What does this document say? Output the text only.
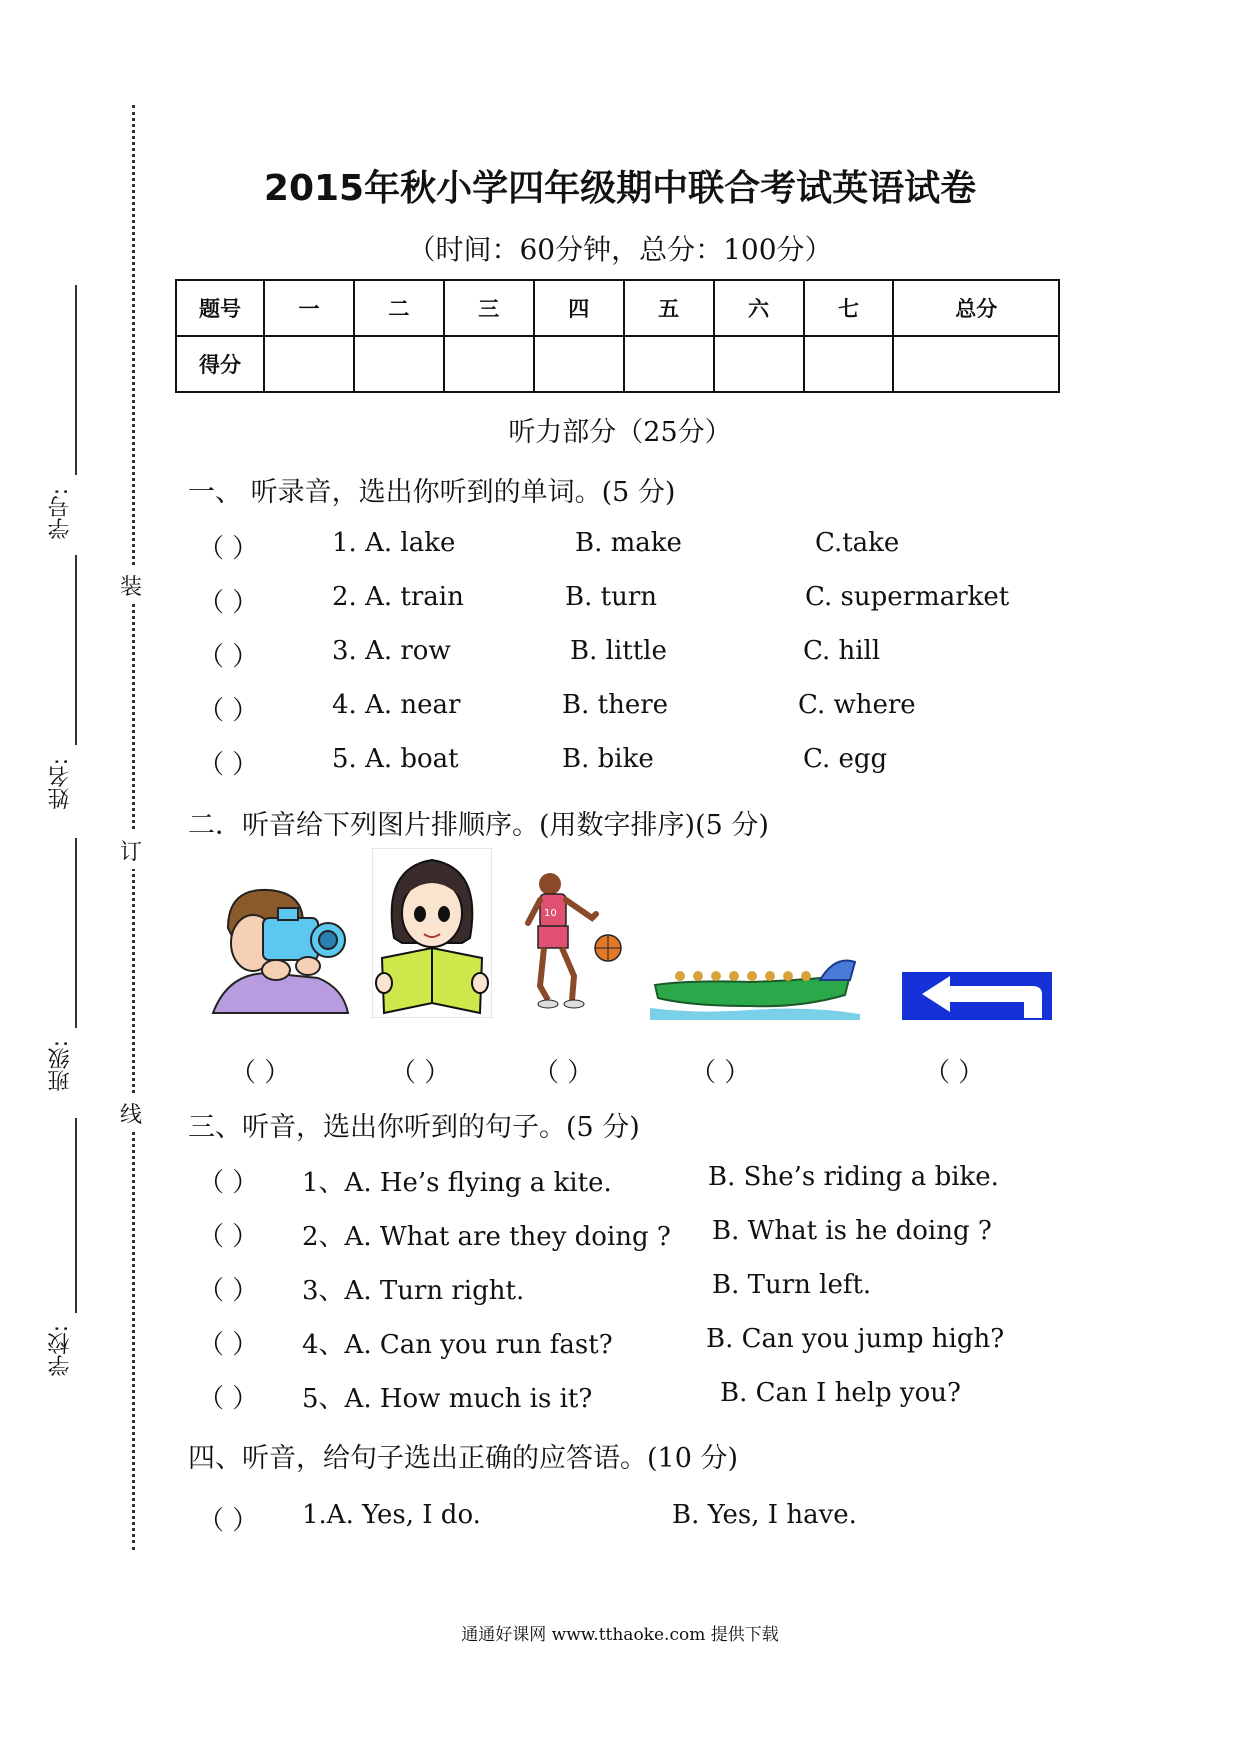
学号:
姓名:
班级:
学校:
装
订
线
2015年秋小学四年级期中联合考试英语试卷
（时间：60分钟，总分：100分）
题号	一	二	三	四	五	六	七	总分
得分								
听力部分（25分）
一、 听录音，选出你听到的单词。(5 分)
（ ）	1. A. lake	B. make	C.take
（ ）	2. A. train	B. turn	C. supermarket
（ ）	3. A. row	B. little	C. hill
（ ）	4. A. near	B. there	C. where
（ ）	5. A. boat	B. bike	C. egg
二．听音给下列图片排顺序。(用数字排序)(5 分)
10
（ ）	（ ）	（ ）	（ ）	（ ）
三、听音，选出你听到的句子。(5 分)
（ ） 1、A. He’s flying a kite.	B. She’s riding a bike.
（ ） 2、A. What are they doing ? B. What is he doing ?
（ ） 3、A. Turn right.	B. Turn left.
（ ） 4、A. Can you run fast?	B. Can you jump high?
（ ） 5、A. How much is it?	B. Can I help you?
四、听音，给句子选出正确的应答语。(10 分)
（ ） 1.A. Yes, I do.	B. Yes, I have.
通通好课网 www.tthaoke.com 提供下载
